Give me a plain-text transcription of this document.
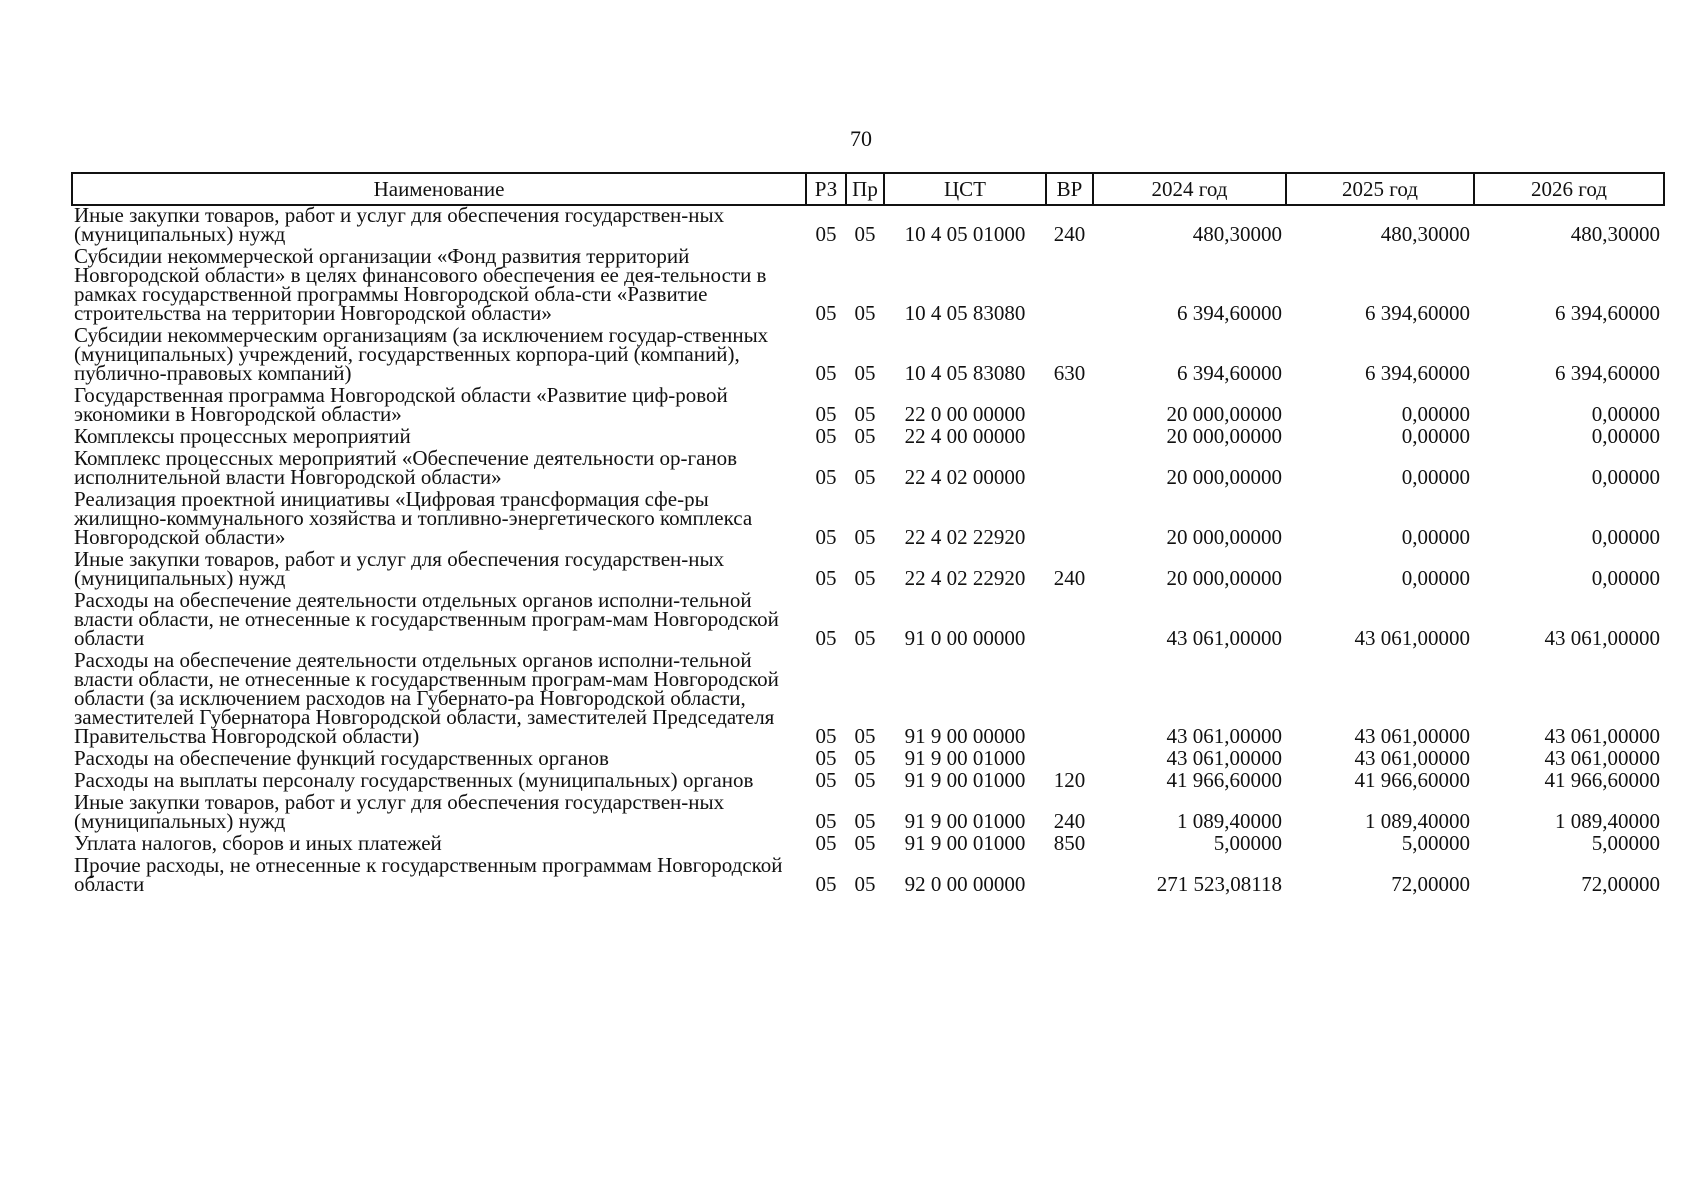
70
Наименование	РЗ	Пр	ЦСТ	ВР	2024 год	2025 год	2026 год
Иные закупки товаров, работ и услуг для обеспечения государствен-ных (муниципальных) нужд	05	05	10 4 05 01000	240	480,30000	480,30000	480,30000
Субсидии некоммерческой организации «Фонд развития территорий Новгородской области» в целях финансового обеспечения ее дея-тельности в рамках государственной программы Новгородской обла-сти «Развитие строительства на территории Новгородской области»	05	05	10 4 05 83080		6 394,60000	6 394,60000	6 394,60000
Субсидии некоммерческим организациям (за исключением государ-ственных (муниципальных) учреждений, государственных корпора-ций (компаний), публично-правовых компаний)	05	05	10 4 05 83080	630	6 394,60000	6 394,60000	6 394,60000
Государственная программа Новгородской области «Развитие циф-ровой экономики в Новгородской области»	05	05	22 0 00 00000		20 000,00000	0,00000	0,00000
Комплексы процессных мероприятий	05	05	22 4 00 00000		20 000,00000	0,00000	0,00000
Комплекс процессных мероприятий «Обеспечение деятельности ор-ганов исполнительной власти Новгородской области»	05	05	22 4 02 00000		20 000,00000	0,00000	0,00000
Реализация проектной инициативы «Цифровая трансформация сфе-ры жилищно-коммунального хозяйства и топливно-энергетического комплекса Новгородской области»	05	05	22 4 02 22920		20 000,00000	0,00000	0,00000
Иные закупки товаров, работ и услуг для обеспечения государствен-ных (муниципальных) нужд	05	05	22 4 02 22920	240	20 000,00000	0,00000	0,00000
Расходы на обеспечение деятельности отдельных органов исполни-тельной власти области, не отнесенные к государственным програм-мам Новгородской области	05	05	91 0 00 00000		43 061,00000	43 061,00000	43 061,00000
Расходы на обеспечение деятельности отдельных органов исполни-тельной власти области, не отнесенные к государственным програм-мам Новгородской области (за исключением расходов на Губернато-ра Новгородской области, заместителей Губернатора Новгородской области, заместителей Председателя Правительства Новгородской области)	05	05	91 9 00 00000		43 061,00000	43 061,00000	43 061,00000
Расходы на обеспечение функций государственных органов	05	05	91 9 00 01000		43 061,00000	43 061,00000	43 061,00000
Расходы на выплаты персоналу государственных (муниципальных) органов	05	05	91 9 00 01000	120	41 966,60000	41 966,60000	41 966,60000
Иные закупки товаров, работ и услуг для обеспечения государствен-ных (муниципальных) нужд	05	05	91 9 00 01000	240	1 089,40000	1 089,40000	1 089,40000
Уплата налогов, сборов и иных платежей	05	05	91 9 00 01000	850	5,00000	5,00000	5,00000
Прочие расходы, не отнесенные к государственным программам Новгородской области	05	05	92 0 00 00000		271 523,08118	72,00000	72,00000
